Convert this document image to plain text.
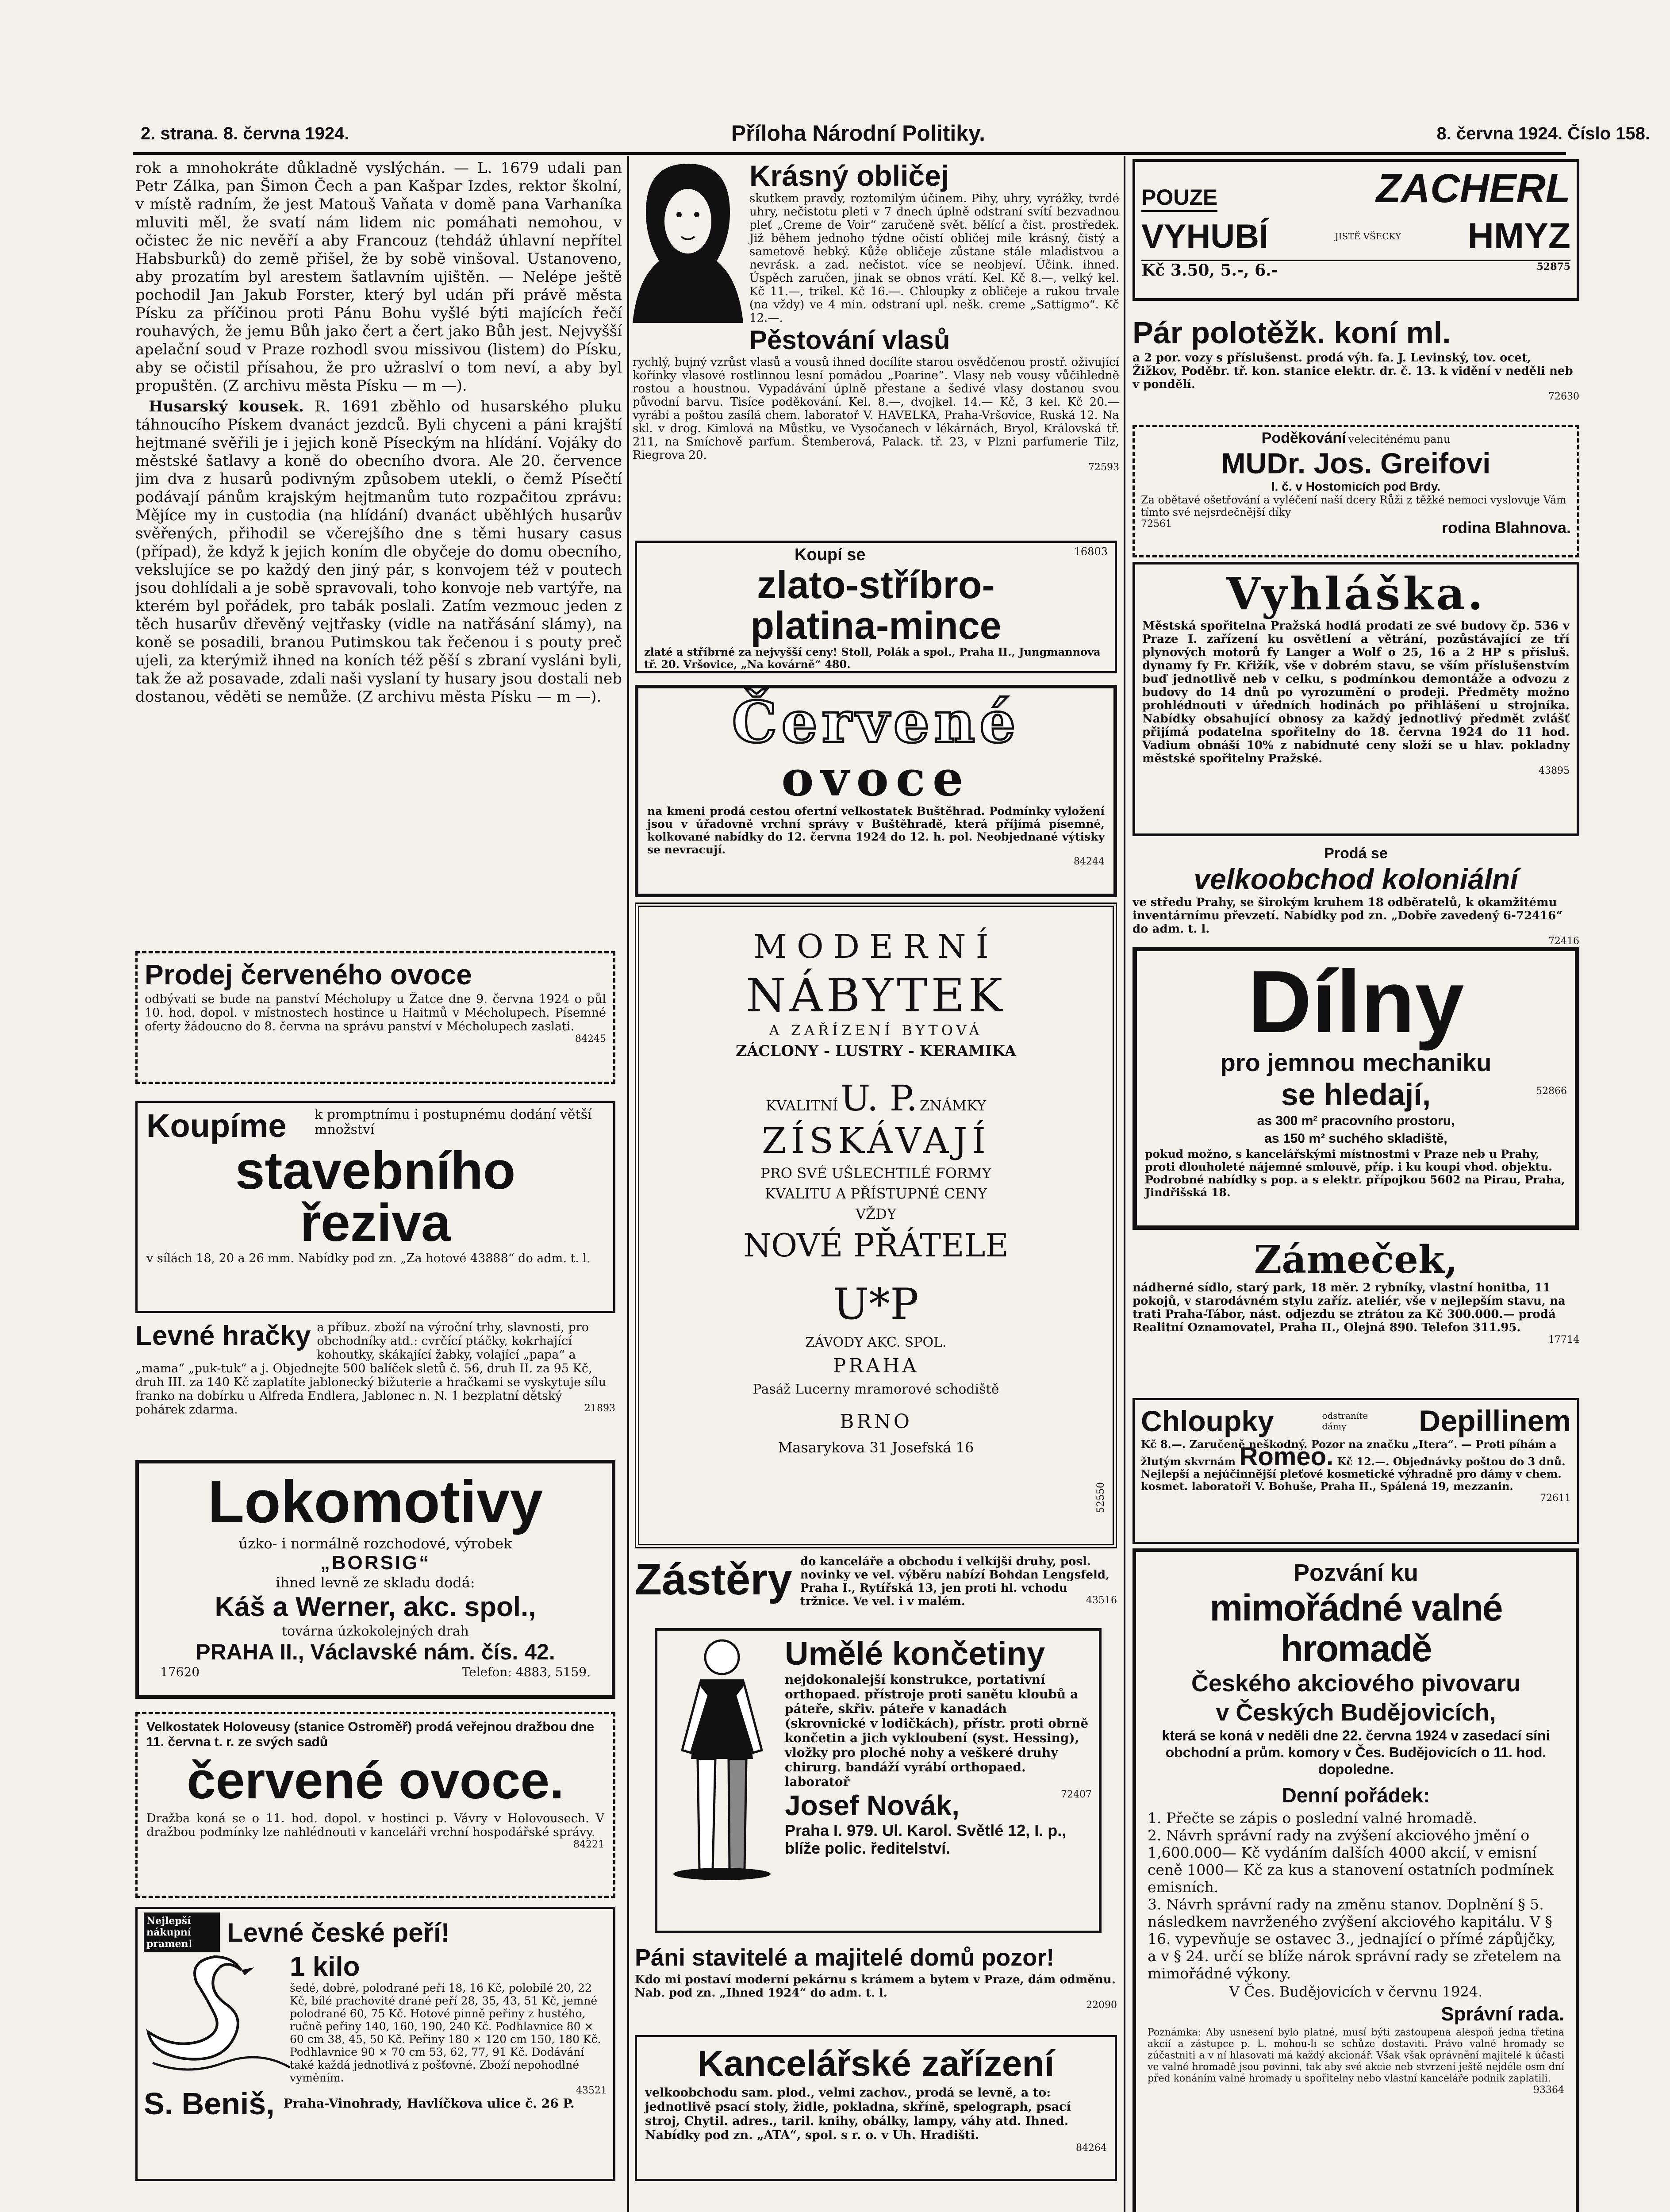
2. strana. 8. června 1924.	Příloha Národní Politiky.	8. června 1924. Číslo 158.

rok a mnohokráte důkladně vyslýchán. — L. 1679 udali pan Petr Zálka, pan Šimon Čech a pan Kašpar Izdes, rektor školní, v místě radním, že jest Matouš Vaňata v domě pana Varhaníka mluviti měl, že svatí nám lidem nic pomáhati nemohou, v očistec že nic nevěří a aby Francouz (tehdáž úhlavní nepřítel Habsburků) do země přišel, že by sobě vinšoval. Ustanoveno, aby prozatím byl arestem šatlavním ujištěn. — Nelépe ještě pochodil Jan Jakub Forster, který byl udán při právě města Písku za příčinou proti Pánu Bohu vyšlé býti majících řečí rouhavých, že jemu Bůh jako čert a čert jako Bůh jest. Nejvyšší apelační soud v Praze rozhodl svou missivou (listem) do Písku, aby se očistil přísahou, že pro užraslví o tom neví, a aby byl propuštěn. (Z archivu města Písku — m —).

Husarský kousek. R. 1691 zběhlo od husarského pluku táhnoucího Pískem dvanáct jezdců. Byli chyceni a páni krajští hejtmané svěřili je i jejich koně Píseckým na hlídání. Vojáky do městské šatlavy a koně do obecního dvora. Ale 20. července jim dva z husarů podivným způsobem utekli, o čemž Písečtí podávají pánům krajským hejtmanům tuto rozpačitou zprávu: Mějíce my in custodia (na hlídání) dvanáct uběhlých husarův svěřených, přihodil se včerejšího dne s těmi husary casus (případ), že když k jejich koním dle obyčeje do domu obecního, vekslujíce se po každý den jiný pár, s konvojem též v poutech jsou dohlídali a je sobě spravovali, toho konvoje neb vartýře, na kterém byl pořádek, pro tabák poslali. Zatím vezmouc jeden z těch husarův dřevěný vejtřasky (vidle na natřásání slámy), na koně se posadili, branou Putimskou tak řečenou i s pouty preč ujeli, za kterýmiž ihned na koních též pěší s zbraní vysláni byli, tak že až posavade, zdali naši vyslaní ty husary jsou dostali neb dostanou, věděti se nemůže. (Z archivu města Písku — m —).

Prodej červeného ovoce
odbývati se bude na panství Mécholupy u Žatce dne 9. června 1924 o půl 10. hod. dopol. v místnostech hostince u Haitmů v Mécholupech. Písemné oferty žádoucno do 8. června na správu panství v Mécholupech zaslati.
84245
Koupíme	k promptnímu i postupnému dodání větší množství
stavebního
řeziva
v sílách 18, 20 a 26 mm. Nabídky pod zn. „Za hotové 43888“ do adm. t. l.
Levné hračky a příbuz. zboží na výroční trhy, slavnosti, pro obchodníky atd.: cvrčící ptáčky, kokrhající kohoutky, skákající žabky, volající „papa“ a „mama“ „puk-tuk“ a j. Objednejte 500 balíček sletů č. 56, druh II. za 95 Kč, druh III. za 140 Kč zaplatíte jablonecký bižuterie a hračkami se vyskytuje sílu franko na dobírku u Alfreda Endlera, Jablonec n. N. 1 bezplatní dětský pohárek zdarma.	21893
Lokomotivy
úzko- i normálně rozchodové, výrobek
„BORSIG“
ihned levně ze skladu dodá:
Káš a Werner, akc. spol.,
továrna úzkokolejných drah
PRAHA II., Václavské nám. čís. 42.
17620	Telefon: 4883, 5159.
Velkostatek Holoveusy (stanice Ostroměř) prodá veřejnou dražbou dne 11. června t. r. ze svých sadů
červené ovoce.
Dražba koná se o 11. hod. dopol. v hostinci p. Vávry v Holovousech. V dražbou podmínky lze nahlédnouti v kanceláři vrchní hospodářské správy.
84221
Nejlepší nákupní pramen!	Levné české peří!
1 kilo
šedé, dobré, polodrané peří 18, 16 Kč, polobílé 20, 22 Kč, bílé prachovité drané peří 28, 35, 43, 51 Kč, jemné polodrané 60, 75 Kč. Hotové pinně peřiny z hustého, ručně peřiny 140, 160, 190, 240 Kč. Podhlavnice 80 × 60 cm 38, 45, 50 Kč. Peřiny 180 × 120 cm 150, 180 Kč. Podhlavnice 90 × 70 cm 53, 62, 77, 91 Kč. Dodávání také každá jednotlivá z pošťovné. Zboží nepohodlné vyměním.
43521
S. Beniš, Praha-Vinohrady, Havlíčkova ulice č. 26 P.
Krásný obličej
skutkem pravdy, roztomilým účinem. Pihy, uhry, vyrážky, tvrdé uhry, nečistotu pleti v 7 dnech úplně odstraní svítí bezvadnou pleť „Creme de Voir“ zaručeně svět. bělící a čist. prostředek. Již během jednoho týdne očistí obličej mile krásný, čistý a sametově hebký. Kůže obličeje zůstane stále mladistvou a nevrásk. a zad. nečistot. více se neobjeví. Účink. ihned. Úspěch zaručen, jinak se obnos vrátí. Kel. Kč 8.—, velký kel. Kč 11.—, trikel. Kč 16.—. Chloupky z obličeje a rukou trvale (na vždy) ve 4 min. odstraní upl. nešk. creme „Sattigmo“. Kč 12.—.
Pěstování vlasů
rychlý, bujný vzrůst vlasů a vousů ihned docílíte starou osvědčenou prostř. oživující kořínky vlasové rostlinnou lesní pomádou „Poarine“. Vlasy neb vousy vůčihledně rostou a houstnou. Vypadávání úplně přestane a šedivé vlasy dostanou svou původní barvu. Tisíce poděkování. Kel. 8.—, dvojkel. 14.— Kč, 3 kel. Kč 20.— vyrábí a poštou zasílá chem. laboratoř V. HAVELKA, Praha-Vršovice, Ruská 12. Na skl. v drog. Kimlová na Můstku, ve Vysočanech v lékárnách, Bryol, Královská tř. 211, na Smíchově parfum. Štemberová, Palack. tř. 23, v Plzni parfumerie Tilz, Riegrova 20.
72593
Koupí se	16803
zlato-stříbro-
platina-mince
zlaté a stříbrné za nejvyšší ceny! Stoll, Polák a spol., Praha II., Jungmannova tř. 20. Vršovice, „Na kovárně“ 480.
Červené
ovoce
na kmeni prodá cestou ofertní velkostatek Buštěhrad. Podmínky vyložení jsou v úřadovně vrchní správy v Buštěhradě, která příjímá písemné, kolkované nabídky do 12. června 1924 do 12. h. pol. Neobjednané výtisky se nevracují.
84244
MODERNÍ
NÁBYTEK
A ZAŘÍZENÍ BYTOVÁ
ZÁCLONY - LUSTRY - KERAMIKA
KVALITNÍ U. P. ZNÁMKY
ZÍSKÁVAJÍ
PRO SVÉ UŠLECHTILÉ FORMY
KVALITU A PŘÍSTUPNÉ CENY
VŽDY
NOVÉ PŘÁTELE
U*P
ZÁVODY AKC. SPOL.
PRAHA
Pasáž Lucerny mramorové schodiště
BRNO
Masarykova 31 Josefská 16
52550
Zástěry do kanceláře a obchodu i velkíjší druhy, posl. novinky ve vel. výběru nabízí Bohdan Lengsfeld, Praha I., Rytířská 13, jen proti hl. vchodu tržnice. Ve vel. i v malém.	43516
Umělé končetiny
nejdokonalejší konstrukce, portativní orthopaed. přístroje proti sanětu kloubů a páteře, skřiv. páteře v kanadách (skrovnické v lodičkách), přístr. proti obrně končetin a jich vykloubení (syst. Hessing), vložky pro ploché nohy a veškeré druhy chirurg. bandáží vyrábí orthopaed. laboratoř
72407
Josef Novák,
Praha I. 979. Ul. Karol. Světlé 12, I. p., blíže polic. ředitelství.
Páni stavitelé a majitelé domů pozor!
Kdo mi postaví moderní pekárnu s krámem a bytem v Praze, dám odměnu. Nab. pod zn. „Ihned 1924“ do adm. t. l.
22090
Kancelářské zařízení
velkoobchodu sam. plod., velmi zachov., prodá se levně, a to: jednotlivě psací stoly, židle, pokladna, skříně, spelograph, psací stroj, Chytil. adres., taril. knihy, obálky, lampy, váhy atd. Ihned. Nabídky pod zn. „ATA“, spol. s r. o. v Uh. Hradišti.
84264
POUZE	ZACHERL
VYHUBÍ	JISTĚ VŠECKY HMYZ
Kč 3.50, 5.-, 6.-	52875
Pár polotěžk. koní ml.
a 2 por. vozy s příslušenst. prodá výh. fa. J. Levinský, tov. ocet, Žižkov, Poděbr. tř. kon. stanice elektr. dr. č. 13. k vidění v neděli neb v pondělí.
72630
Poděkování veleciténému panu
MUDr. Jos. Greifovi
I. č. v Hostomicích pod Brdy.
Za obětavé ošetřování a vyléčení naší dcery Růži z těžké nemoci vyslovuje Vám tímto své nejsrdečnější díky
72561	rodina Blahnova.
Vyhláška.
Městská spořitelna Pražská hodlá prodati ze své budovy čp. 536 v Praze I. zařízení ku osvětlení a větrání, pozůstávající ze tří plynových motorů fy Langer a Wolf o 25, 16 a 2 HP s přísluš. dynamy fy Fr. Křižík, vše v dobrém stavu, se vším příslušenstvím buď jednotlivě neb v celku, s podmínkou demontáže a odvozu z budovy do 14 dnů po vyrozumění o prodeji. Předměty možno prohlédnouti v úředních hodinách po přihlášení u strojníka. Nabídky obsahující obnosy za každý jednotlivý předmět zvlášť přijímá podatelna spořitelny do 18. června 1924 do 11 hod. Vadium obnáší 10% z nabídnuté ceny složí se u hlav. pokladny městské spořitelny Pražské.
43895
Prodá se
velkoobchod koloniální
ve středu Prahy, se širokým kruhem 18 odběratelů, k okamžitému inventárnímu převzetí. Nabídky pod zn. „Dobře zavedený 6-72416“ do adm. t. l.
72416
Dílny
pro jemnou mechaniku
se hledají,	52866
as 300 m² pracovního prostoru,
as 150 m² suchého skladiště,
pokud možno, s kancelářskými místnostmi v Praze neb u Prahy, proti dlouholeté nájemné smlouvě, příp. i ku koupi vhod. objektu. Podrobné nabídky s pop. a s elektr. přípojkou 5602 na Pirau, Praha, Jindřišská 18.
Zámeček,
nádherné sídlo, starý park, 18 měr. 2 rybníky, vlastní honitba, 11 pokojů, v starodávném stylu zaříz. ateliér, vše v nejlepším stavu, na trati Praha-Tábor, nást. odjezdu se ztrátou za Kč 300.000.— prodá Realitní Oznamovatel, Praha II., Olejná 890. Telefon 311.95.
17714
Chloupky	odstraníte dámy	Depillinem
Kč 8.—. Zaručeně neškodný. Pozor na značku „Itera“. — Proti píhám a žlutým skvrnám Romeo. Kč 12.—. Objednávky poštou do 3 dnů. Nejlepší a nejúčinnější pleťové kosmetické výhradně pro dámy v chem. kosmet. laboratoři V. Bohuše, Praha II., Spálená 19, mezzanin.
72611
Pozvání ku
mimořádné valné hromadě
Českého akciového pivovaru
v Českých Budějovicích,
která se koná v neděli dne 22. června 1924 v zasedací síni obchodní a prům. komory v Čes. Budějovicích o 11. hod. dopoledne.
Denní pořádek:
1. Přečte se zápis o poslední valné hromadě.
2. Návrh správní rady na zvýšení akciového jmění o 1,600.000— Kč vydáním dalších 4000 akcií, v emisní ceně 1000— Kč za kus a stanovení ostatních podmínek emisních.
3. Návrh správní rady na změnu stanov. Doplnění § 5. následkem navrženého zvýšení akciového kapitálu. V § 16. vypevňuje se ostavec 3., jednající o přímé zápůjčky, a v § 24. určí se blíže nárok správní rady se zřetelem na mimořádné výkony.
V Čes. Budějovicích v červnu 1924.
Správní rada.
Poznámka: Aby usnesení bylo platné, musí býti zastoupena alespoň jedna třetina akcií a zástupce p. L. mohou-li se schůze dostaviti. Právo valné hromady se zúčastniti a v ní hlasovati má každý akcionář. Však však oprávnění majitelé k účasti ve valné hromadě jsou povinni, tak aby své akcie neb stvrzení ještě nejdéle osm dní před konáním valné hromady u spořitelny nebo vlastní kanceláře podnik zaplatili.
93364
